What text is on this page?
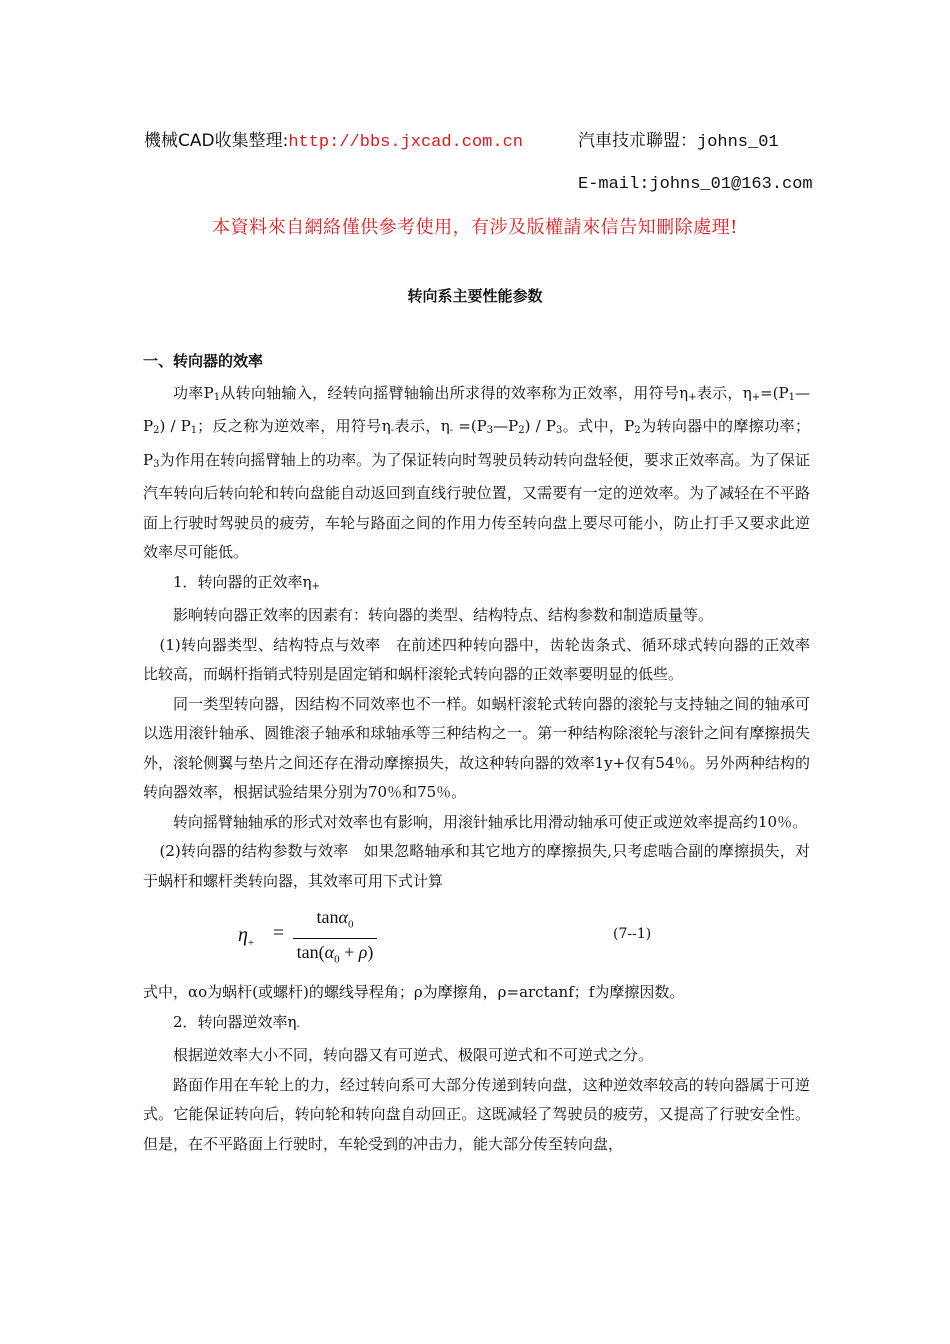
機械CAD收集整理:http://bbs.jxcad.com.cn	汽車技朮聯盟：johns_01
E-mail:johns_01@163.com
本資料來自網絡僅供參考使用，有涉及版權請來信告知刪除處理!
转向系主要性能参数

一、转向器的效率

功率$P_1$从转向轴输入，经转向摇臂轴输出所求得的效率称为正效率，用符号$\eta_+$表示，$\eta_+=(P_1—P_2) / P_1$；反之称为逆效率，用符号$\eta_-$表示，$\eta_-$ $=(P_3—P_2) / P_3$。式中，$P_2$为转向器中的摩擦功率；$P_3$为作用在转向摇臂轴上的功率。为了保证转向时驾驶员转动转向盘轻便，要求正效率高。为了保证汽车转向后转向轮和转向盘能自动返回到直线行驶位置，又需要有一定的逆效率。为了减轻在不平路面上行驶时驾驶员的疲劳，车轮与路面之间的作用力传至转向盘上要尽可能小，防止打手又要求此逆效率尽可能低。

1．转向器的正效率$\eta_+$

影响转向器正效率的因素有：转向器的类型、结构特点、结构参数和制造质量等。

(1)转向器类型、结构特点与效率　在前述四种转向器中，齿轮齿条式、循环球式转向器的正效率比较高，而蜗杆指销式特别是固定销和蜗杆滚轮式转向器的正效率要明显的低些。

同一类型转向器，因结构不同效率也不一样。如蜗杆滚轮式转向器的滚轮与支持轴之间的轴承可以选用滚针轴承、圆锥滚子轴承和球轴承等三种结构之一。第一种结构除滚轮与滚针之间有摩擦损失外，滚轮侧翼与垫片之间还存在滑动摩擦损失，故这种转向器的效率1y+仅有54％。另外两种结构的转向器效率，根据试验结果分别为70％和75％。

转向摇臂轴轴承的形式对效率也有影响，用滚针轴承比用滑动轴承可使正或逆效率提高约10％。

(2)转向器的结构参数与效率　如果忽略轴承和其它地方的摩擦损失,只考虑啮合副的摩擦损失，对于蜗杆和螺杆类转向器，其效率可用下式计算

$\eta_+$ =
tanα$_0$
$\tan(\alpha_0 + \rho)$
(7--1)

式中，αo为蜗杆(或螺杆)的螺线导程角；ρ为摩擦角，ρ=arctanf；f为摩擦因数。

2．转向器逆效率$\eta_-$

根据逆效率大小不同，转向器又有可逆式、极限可逆式和不可逆式之分。

路面作用在车轮上的力，经过转向系可大部分传递到转向盘，这种逆效率较高的转向器属于可逆式。它能保证转向后，转向轮和转向盘自动回正。这既减轻了驾驶员的疲劳，又提高了行驶安全性。但是，在不平路面上行驶时，车轮受到的冲击力，能大部分传至转向盘，
